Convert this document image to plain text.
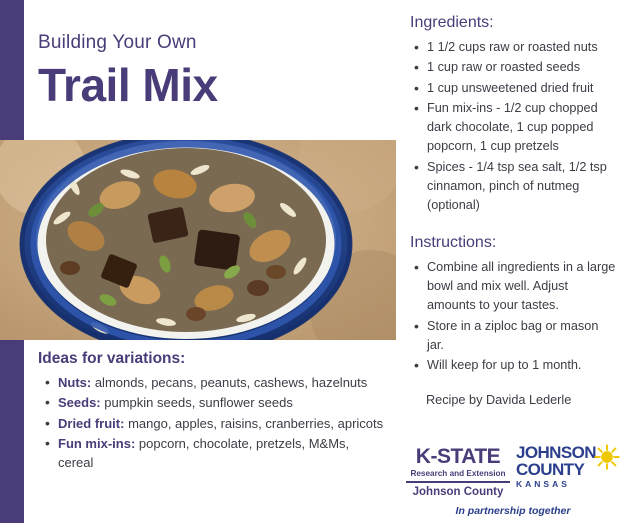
Building Your Own
Trail Mix
Ideas for variations:
• Nuts: almonds, pecans, peanuts, cashews, hazelnuts
• Seeds: pumpkin seeds, sunflower seeds
• Dried fruit: mango, apples, raisins, cranberries, apricots
• Fun mix-ins: popcorn, chocolate, pretzels, M&Ms, cereal
Ingredients:
• 1 1/2 cups raw or roasted nuts
• 1 cup raw or roasted seeds
• 1 cup unsweetened dried fruit
• Fun mix-ins - 1/2 cup chopped dark chocolate, 1 cup popped popcorn, 1 cup pretzels
• Spices - 1/4 tsp sea salt, 1/2 tsp cinnamon, pinch of nutmeg (optional)
Instructions:
• Combine all ingredients in a large bowl and mix well. Adjust amounts to your tastes.
• Store in a ziploc bag or mason jar.
• Will keep for up to 1 month.
Recipe by Davida Lederle
K-STATE
Research and Extension
Johnson County
JOHNSON
COUNTY
KANSAS
In partnership together
